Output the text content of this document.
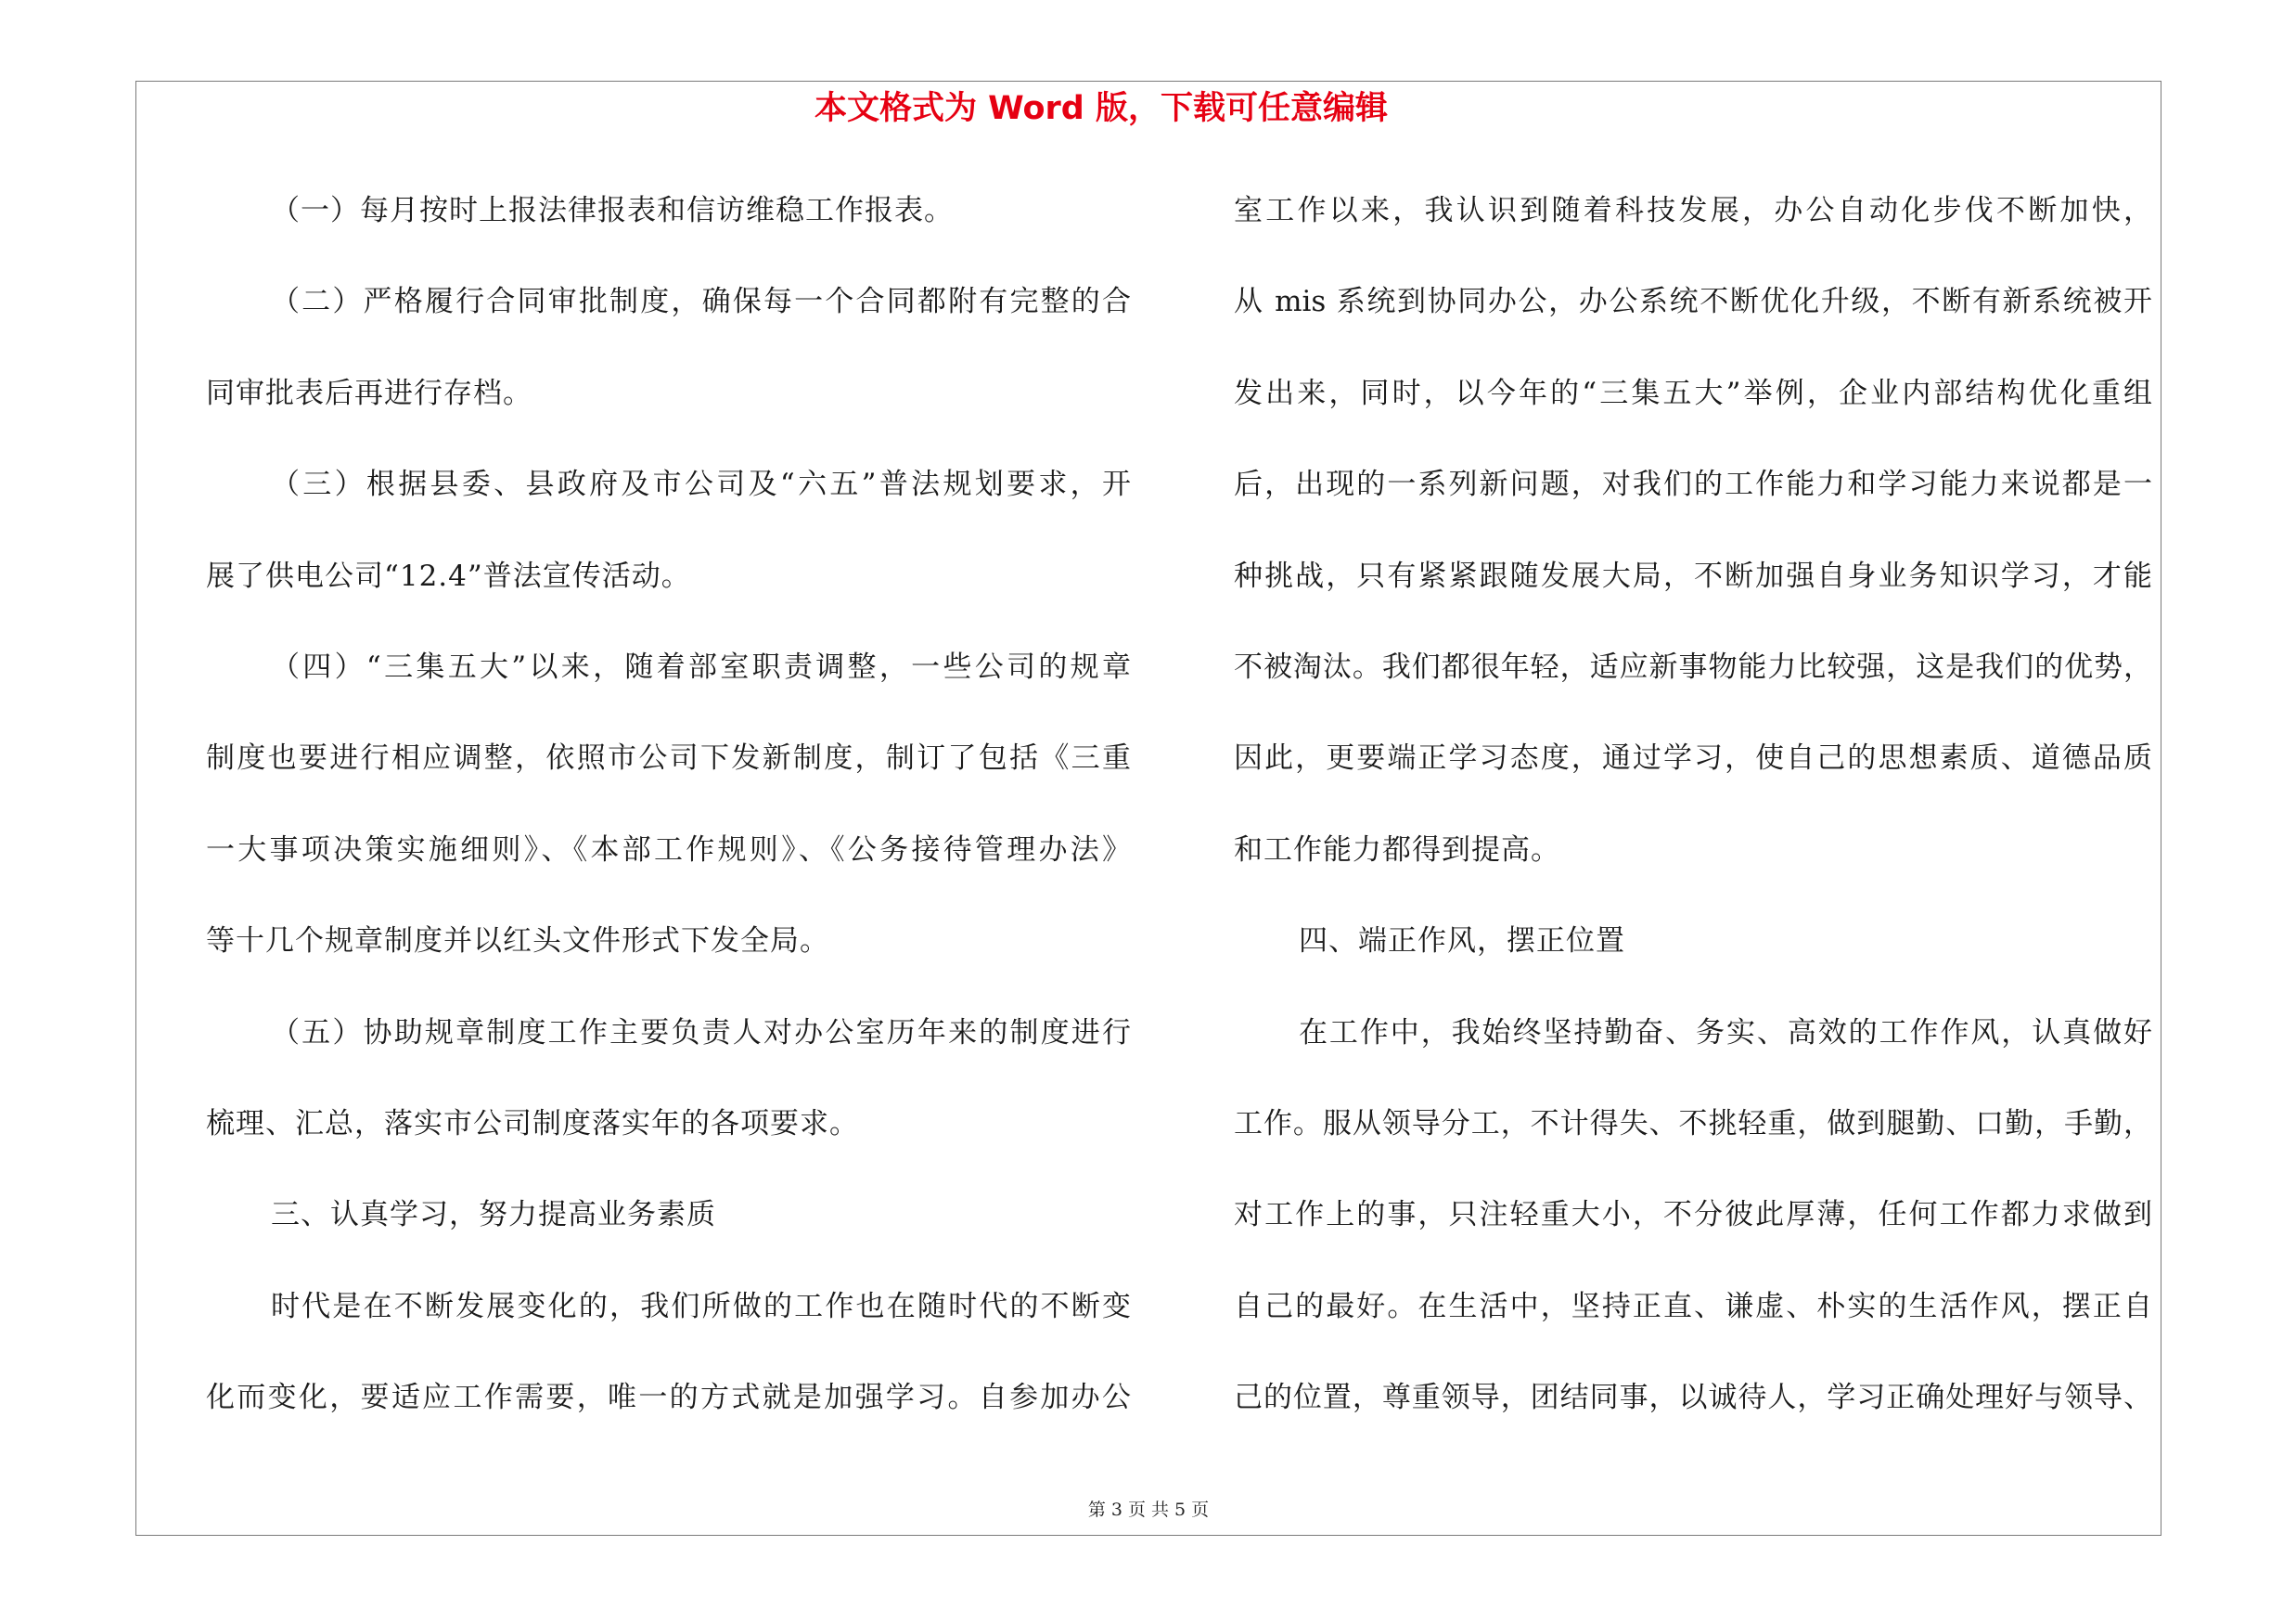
本文格式为 Word 版，下载可任意编辑
（一）每月按时上报法律报表和信访维稳工作报表。
（二）严格履行合同审批制度，确保每一个合同都附有完整的合
同审批表后再进行存档。
（三）根据县委、县政府及市公司及“六五”普法规划要求，开
展了供电公司“12.4”普法宣传活动。
（四）“三集五大”以来，随着部室职责调整，一些公司的规章
制度也要进行相应调整，依照市公司下发新制度，制订了包括《三重
一大事项决策实施细则》、《本部工作规则》、《公务接待管理办法》
等十几个规章制度并以红头文件形式下发全局。
（五）协助规章制度工作主要负责人对办公室历年来的制度进行
梳理、汇总，落实市公司制度落实年的各项要求。
三、认真学习，努力提高业务素质
时代是在不断发展变化的，我们所做的工作也在随时代的不断变
化而变化，要适应工作需要，唯一的方式就是加强学习。自参加办公
室工作以来，我认识到随着科技发展，办公自动化步伐不断加快，
从 mis 系统到协同办公，办公系统不断优化升级，不断有新系统被开
发出来，同时，以今年的“三集五大”举例，企业内部结构优化重组
后，出现的一系列新问题，对我们的工作能力和学习能力来说都是一
种挑战，只有紧紧跟随发展大局，不断加强自身业务知识学习，才能
不被淘汰。我们都很年轻，适应新事物能力比较强，这是我们的优势，
因此，更要端正学习态度，通过学习，使自己的思想素质、道德品质
和工作能力都得到提高。
四、端正作风，摆正位置
在工作中，我始终坚持勤奋、务实、高效的工作作风，认真做好
工作。服从领导分工，不计得失、不挑轻重，做到腿勤、口勤，手勤，
对工作上的事，只注轻重大小，不分彼此厚薄，任何工作都力求做到
自己的最好。在生活中，坚持正直、谦虚、朴实的生活作风，摆正自
己的位置，尊重领导，团结同事，以诚待人，学习正确处理好与领导、
第 3 页 共 5 页
